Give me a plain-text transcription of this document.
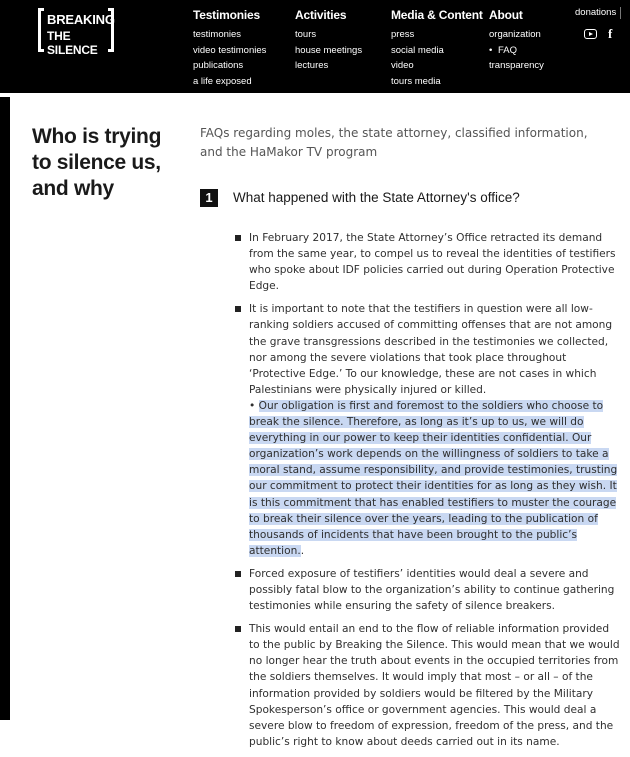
BREAKING
THE SILENCE
Testimonies
testimonies
video testimonies
publications
a life exposed
Activities
tours
house meetings
lectures
Media & Content
press
social media
video
tours media
About
organization
• FAQ
transparency
donations
f
Who is trying to silence us, and why
FAQs regarding moles, the state attorney, classified information, and the HaMakor TV program
1	What happened with the State Attorney's office?
In February 2017, the State Attorney’s Office retracted its demand from the same year, to compel us to reveal the identities of testifiers who spoke about IDF policies carried out during Operation Protective Edge.
It is important to note that the testifiers in question were all low-ranking soldiers accused of committing offenses that are not among the grave transgressions described in the testimonies we collected, nor among the severe violations that took place throughout ‘Protective Edge.’ To our knowledge, these are not cases in which Palestinians were physically injured or killed.
• Our obligation is first and foremost to the soldiers who choose to break the silence. Therefore, as long as it’s up to us, we will do everything in our power to keep their identities confidential. Our organization’s work depends on the willingness of soldiers to take a moral stand, assume responsibility, and provide testimonies, trusting our commitment to protect their identities for as long as they wish. It is this commitment that has enabled testifiers to muster the courage to break their silence over the years, leading to the publication of thousands of incidents that have been brought to the public’s attention..
Forced exposure of testifiers’ identities would deal a severe and possibly fatal blow to the organization’s ability to continue gathering testimonies while ensuring the safety of silence breakers.
This would entail an end to the flow of reliable information provided to the public by Breaking the Silence. This would mean that we would no longer hear the truth about events in the occupied territories from the soldiers themselves. It would imply that most – or all – of the information provided by soldiers would be filtered by the Military Spokesperson’s office or government agencies. This would deal a severe blow to freedom of expression, freedom of the press, and the public’s right to know about deeds carried out in its name.
